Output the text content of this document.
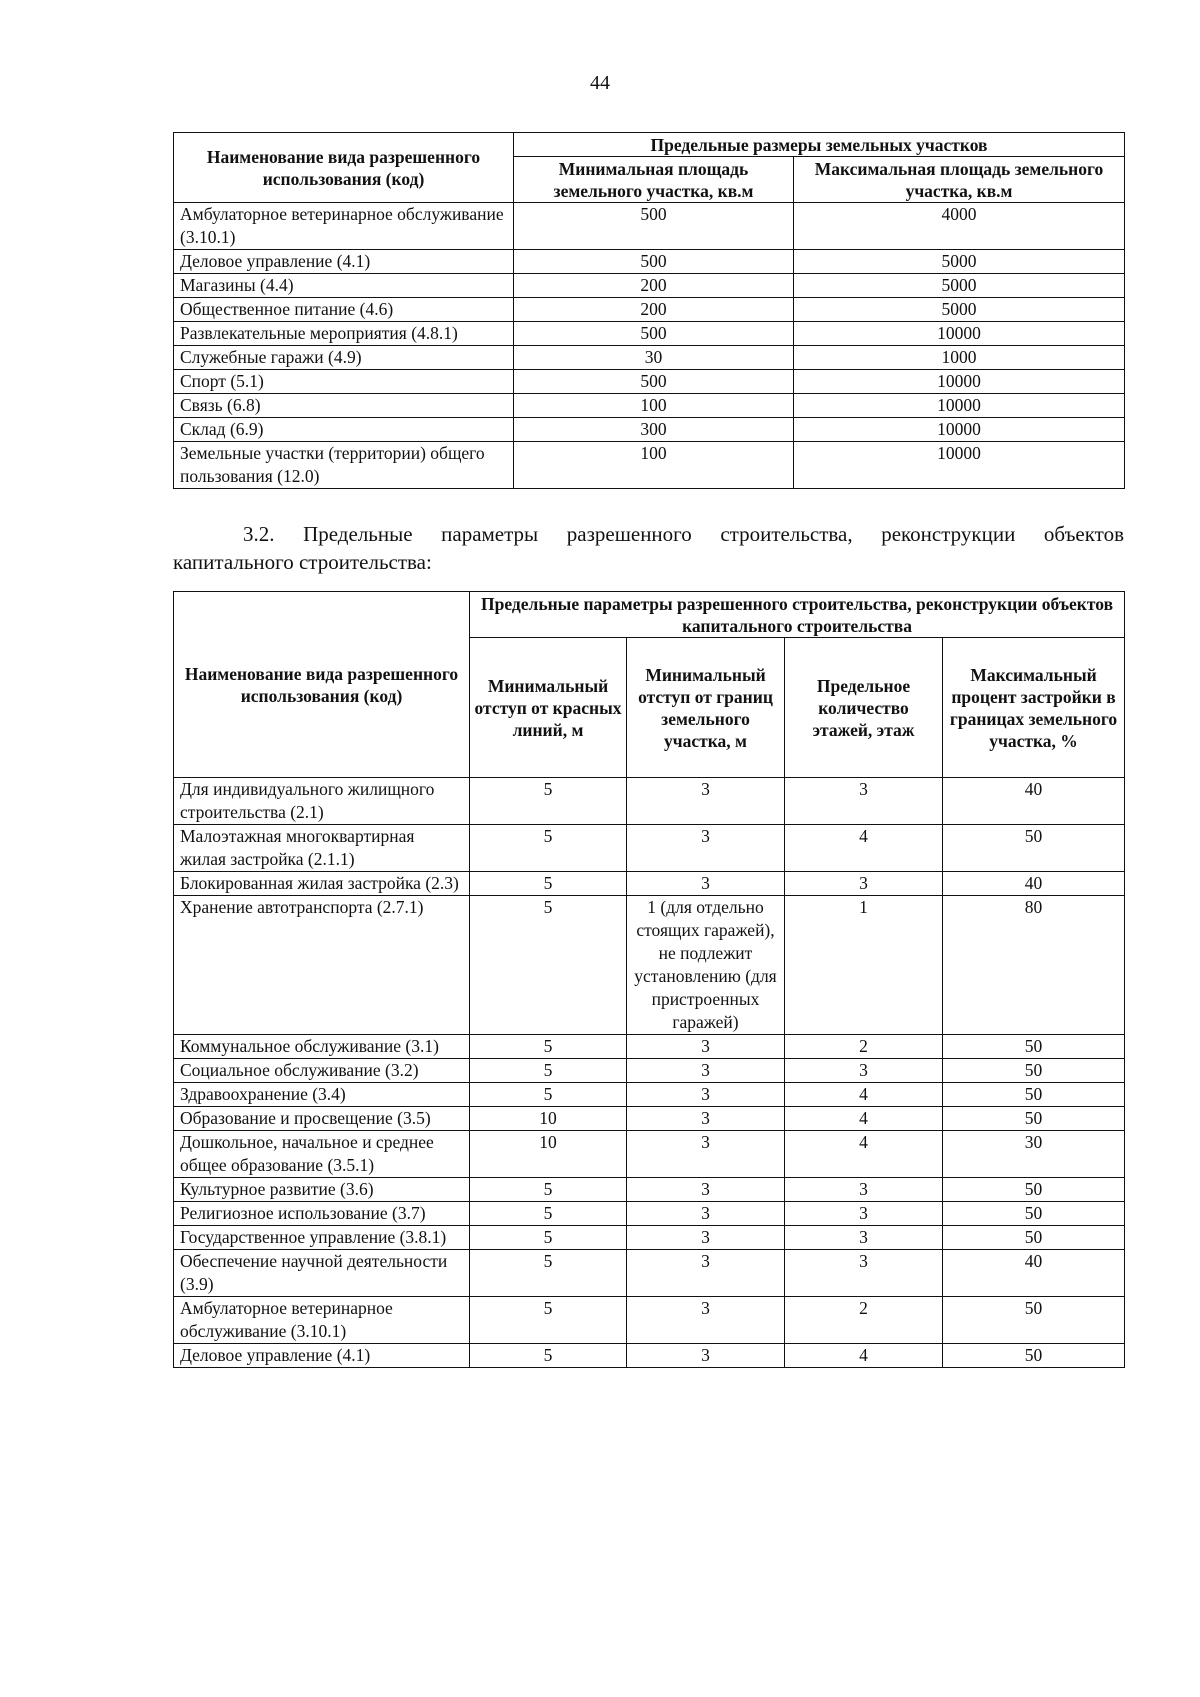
44
Наименование вида разрешенного использования (код)	Предельные размеры земельных участков	
	Минимальная площадь земельного участка, кв.м	Максимальная площадь земельного участка, кв.м
Амбулаторное ветеринарное обслуживание (3.10.1)	500	4000
Деловое управление (4.1)	500	5000
Магазины (4.4)	200	5000
Общественное питание (4.6)	200	5000
Развлекательные мероприятия (4.8.1)	500	10000
Служебные гаражи (4.9)	30	1000
Спорт (5.1)	500	10000
Связь (6.8)	100	10000
Склад (6.9)	300	10000
Земельные участки (территории) общего пользования (12.0)	100	10000
3.2. Предельные параметры разрешенного строительства, реконструкции объектов
капитального строительства:
Наименование вида разрешенного использования (код)	Предельные параметры разрешенного строительства, реконструкции объектов капитального строительства			
	Минимальный отступ от красных линий, м	Минимальный отступ от границ земельного участка, м	Предельное количество этажей, этаж	Максимальный процент застройки в границах земельного участка, %
Для индивидуального жилищного строительства (2.1)	5	3	3	40
Малоэтажная многоквартирная жилая застройка (2.1.1)	5	3	4	50
Блокированная жилая застройка (2.3)	5	3	3	40
Хранение автотранспорта (2.7.1)	5	1 (для отдельно стоящих гаражей), не подлежит установлению (для пристроенных гаражей)	1	80
Коммунальное обслуживание (3.1)	5	3	2	50
Социальное обслуживание (3.2)	5	3	3	50
Здравоохранение (3.4)	5	3	4	50
Образование и просвещение (3.5)	10	3	4	50
Дошкольное, начальное и среднее общее образование (3.5.1)	10	3	4	30
Культурное развитие (3.6)	5	3	3	50
Религиозное использование (3.7)	5	3	3	50
Государственное управление (3.8.1)	5	3	3	50
Обеспечение научной деятельности (3.9)	5	3	3	40
Амбулаторное ветеринарное обслуживание (3.10.1)	5	3	2	50
Деловое управление (4.1)	5	3	4	50
